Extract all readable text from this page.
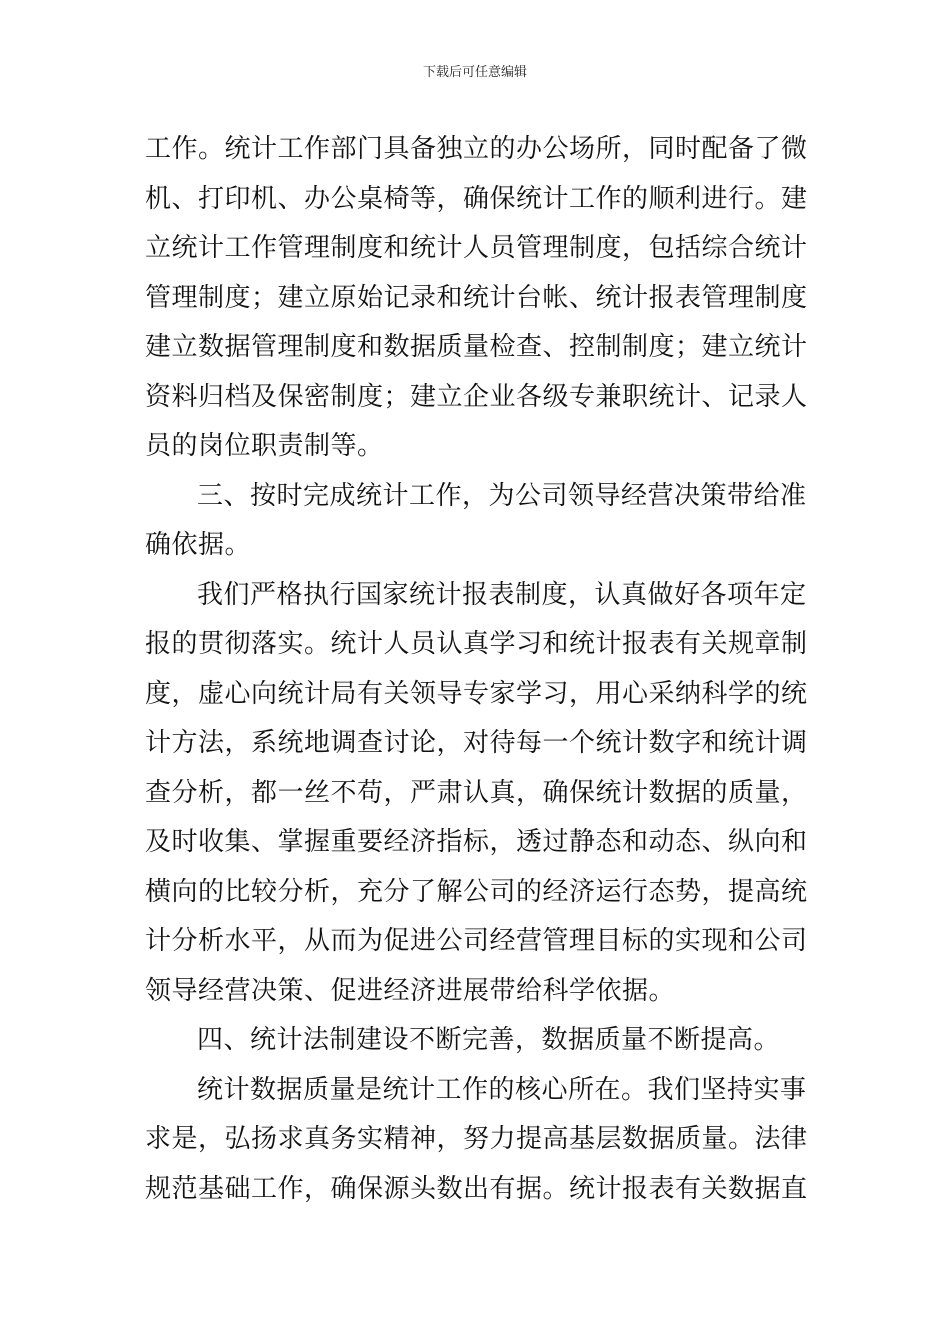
下载后可任意编辑
工作。统计工作部门具备独立的办公场所，同时配备了微
机、打印机、办公桌椅等，确保统计工作的顺利进行。建
立统计工作管理制度和统计人员管理制度，包括综合统计
管理制度；建立原始记录和统计台帐、统计报表管理制度
建立数据管理制度和数据质量检查、控制制度；建立统计
资料归档及保密制度；建立企业各级专兼职统计、记录人
员的岗位职责制等。
三、按时完成统计工作，为公司领导经营决策带给准
确依据。
我们严格执行国家统计报表制度，认真做好各项年定
报的贯彻落实。统计人员认真学习和统计报表有关规章制
度，虚心向统计局有关领导专家学习，用心采纳科学的统
计方法，系统地调查讨论，对待每一个统计数字和统计调
查分析，都一丝不苟，严肃认真，确保统计数据的质量，
及时收集、掌握重要经济指标，透过静态和动态、纵向和
横向的比较分析，充分了解公司的经济运行态势，提高统
计分析水平，从而为促进公司经营管理目标的实现和公司
领导经营决策、促进经济进展带给科学依据。
四、统计法制建设不断完善，数据质量不断提高。
统计数据质量是统计工作的核心所在。我们坚持实事
求是，弘扬求真务实精神，努力提高基层数据质量。法律
规范基础工作，确保源头数出有据。统计报表有关数据直
